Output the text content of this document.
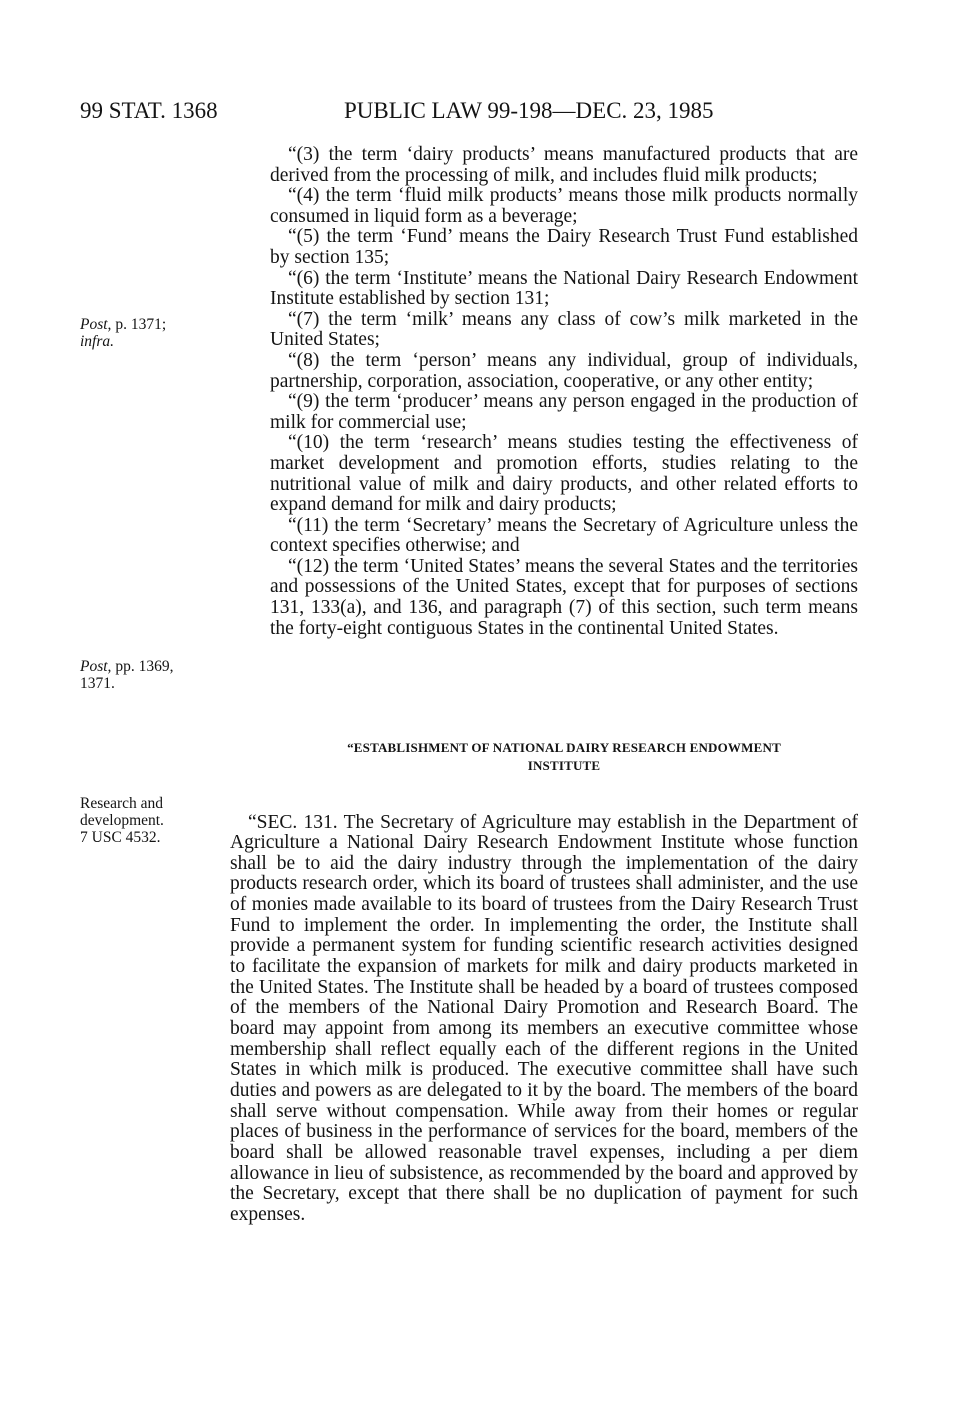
99 STAT. 1368	PUBLIC LAW 99-198—DEC. 23, 1985
Post, p. 1371;
infra.
Post, pp. 1369,
1371.
Research and
development.
7 USC 4532.

“(3) the term ‘dairy products’ means manufactured products that are derived from the processing of milk, and includes fluid milk products;

“(4) the term ‘fluid milk products’ means those milk products normally consumed in liquid form as a beverage;

“(5) the term ‘Fund’ means the Dairy Research Trust Fund established by section 135;

“(6) the term ‘Institute’ means the National Dairy Research Endowment Institute established by section 131;

“(7) the term ‘milk’ means any class of cow’s milk marketed in the United States;

“(8) the term ‘person’ means any individual, group of individuals, partnership, corporation, association, cooperative, or any other entity;

“(9) the term ‘producer’ means any person engaged in the production of milk for commercial use;

“(10) the term ‘research’ means studies testing the effectiveness of market development and promotion efforts, studies relating to the nutritional value of milk and dairy products, and other related efforts to expand demand for milk and dairy products;

“(11) the term ‘Secretary’ means the Secretary of Agriculture unless the context specifies otherwise; and

“(12) the term ‘United States’ means the several States and the territories and possessions of the United States, except that for purposes of sections 131, 133(a), and 136, and paragraph (7) of this section, such term means the forty-eight contiguous States in the continental United States.

“ESTABLISHMENT OF NATIONAL DAIRY RESEARCH ENDOWMENT
INSTITUTE

“SEC. 131. The Secretary of Agriculture may establish in the Department of Agriculture a National Dairy Research Endowment Institute whose function shall be to aid the dairy industry through the implementation of the dairy products research order, which its board of trustees shall administer, and the use of monies made available to its board of trustees from the Dairy Research Trust Fund to implement the order. In implementing the order, the Institute shall provide a permanent system for funding scientific research activities designed to facilitate the expansion of markets for milk and dairy products marketed in the United States. The Institute shall be headed by a board of trustees composed of the members of the National Dairy Promotion and Research Board. The board may appoint from among its members an executive committee whose membership shall reflect equally each of the different regions in the United States in which milk is produced. The executive committee shall have such duties and powers as are delegated to it by the board. The members of the board shall serve without compensation. While away from their homes or regular places of business in the performance of services for the board, members of the board shall be allowed reasonable travel expenses, including a per diem allowance in lieu of subsistence, as recommended by the board and approved by the Secretary, except that there shall be no duplication of payment for such expenses.
